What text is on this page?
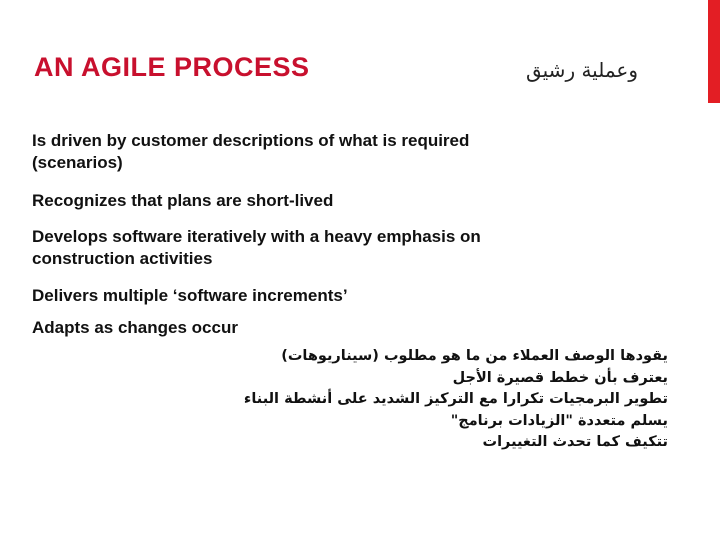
AN AGILE PROCESS	وعملية رشيق
Is driven by customer descriptions of what is required (scenarios)
Recognizes that plans are short-lived
Develops software iteratively with a heavy emphasis on construction activities
Delivers multiple ‘software increments’
Adapts as changes occur
يقودها الوصف العملاء من ما هو مطلوب (سيناريوهات)
يعترف بأن خطط قصيرة الأجل
تطوير البرمجيات تكرارا مع التركيز الشديد على أنشطة البناء
يسلم متعددة "الزيادات برنامج"
تتكيف كما تحدث التغييرات
